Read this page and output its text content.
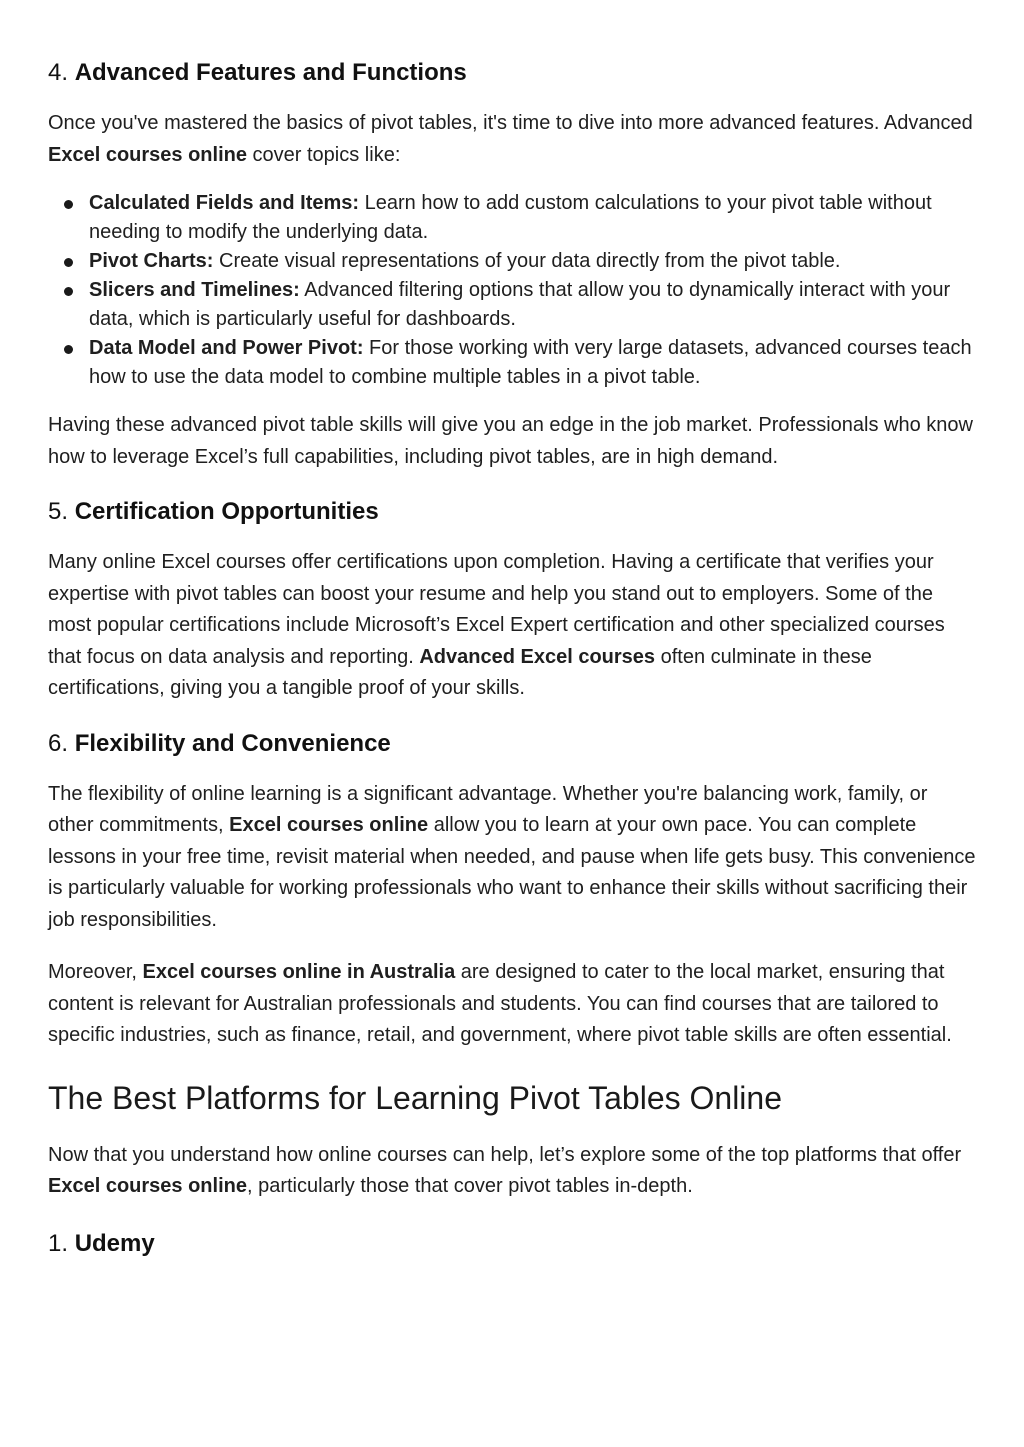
4. Advanced Features and Functions

Once you've mastered the basics of pivot tables, it's time to dive into more advanced features. Advanced Excel courses online cover topics like:

Calculated Fields and Items: Learn how to add custom calculations to your pivot table without needing to modify the underlying data.
Pivot Charts: Create visual representations of your data directly from the pivot table.
Slicers and Timelines: Advanced filtering options that allow you to dynamically interact with your data, which is particularly useful for dashboards.
Data Model and Power Pivot: For those working with very large datasets, advanced courses teach how to use the data model to combine multiple tables in a pivot table.

Having these advanced pivot table skills will give you an edge in the job market. Professionals who know how to leverage Excel’s full capabilities, including pivot tables, are in high demand.

5. Certification Opportunities

Many online Excel courses offer certifications upon completion. Having a certificate that verifies your expertise with pivot tables can boost your resume and help you stand out to employers. Some of the most popular certifications include Microsoft’s Excel Expert certification and other specialized courses that focus on data analysis and reporting. Advanced Excel courses often culminate in these certifications, giving you a tangible proof of your skills.

6. Flexibility and Convenience

The flexibility of online learning is a significant advantage. Whether you're balancing work, family, or other commitments, Excel courses online allow you to learn at your own pace. You can complete lessons in your free time, revisit material when needed, and pause when life gets busy. This convenience is particularly valuable for working professionals who want to enhance their skills without sacrificing their job responsibilities.

Moreover, Excel courses online in Australia are designed to cater to the local market, ensuring that content is relevant for Australian professionals and students. You can find courses that are tailored to specific industries, such as finance, retail, and government, where pivot table skills are often essential.

The Best Platforms for Learning Pivot Tables Online

Now that you understand how online courses can help, let’s explore some of the top platforms that offer Excel courses online, particularly those that cover pivot tables in-depth.

1. Udemy
